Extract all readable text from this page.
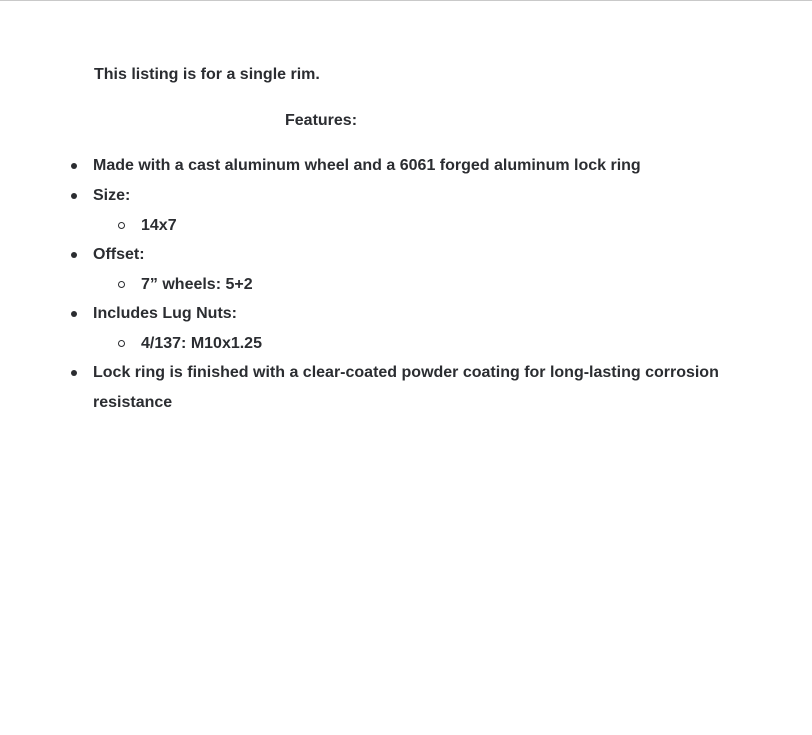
This listing is for a single rim.

Features:

Made with a cast aluminum wheel and a 6061 forged aluminum lock ring
Size:
14x7
Offset:
7” wheels: 5+2
Includes Lug Nuts:
4/137: M10x1.25
Lock ring is finished with a clear-coated powder coating for long-lasting corrosion resistance
